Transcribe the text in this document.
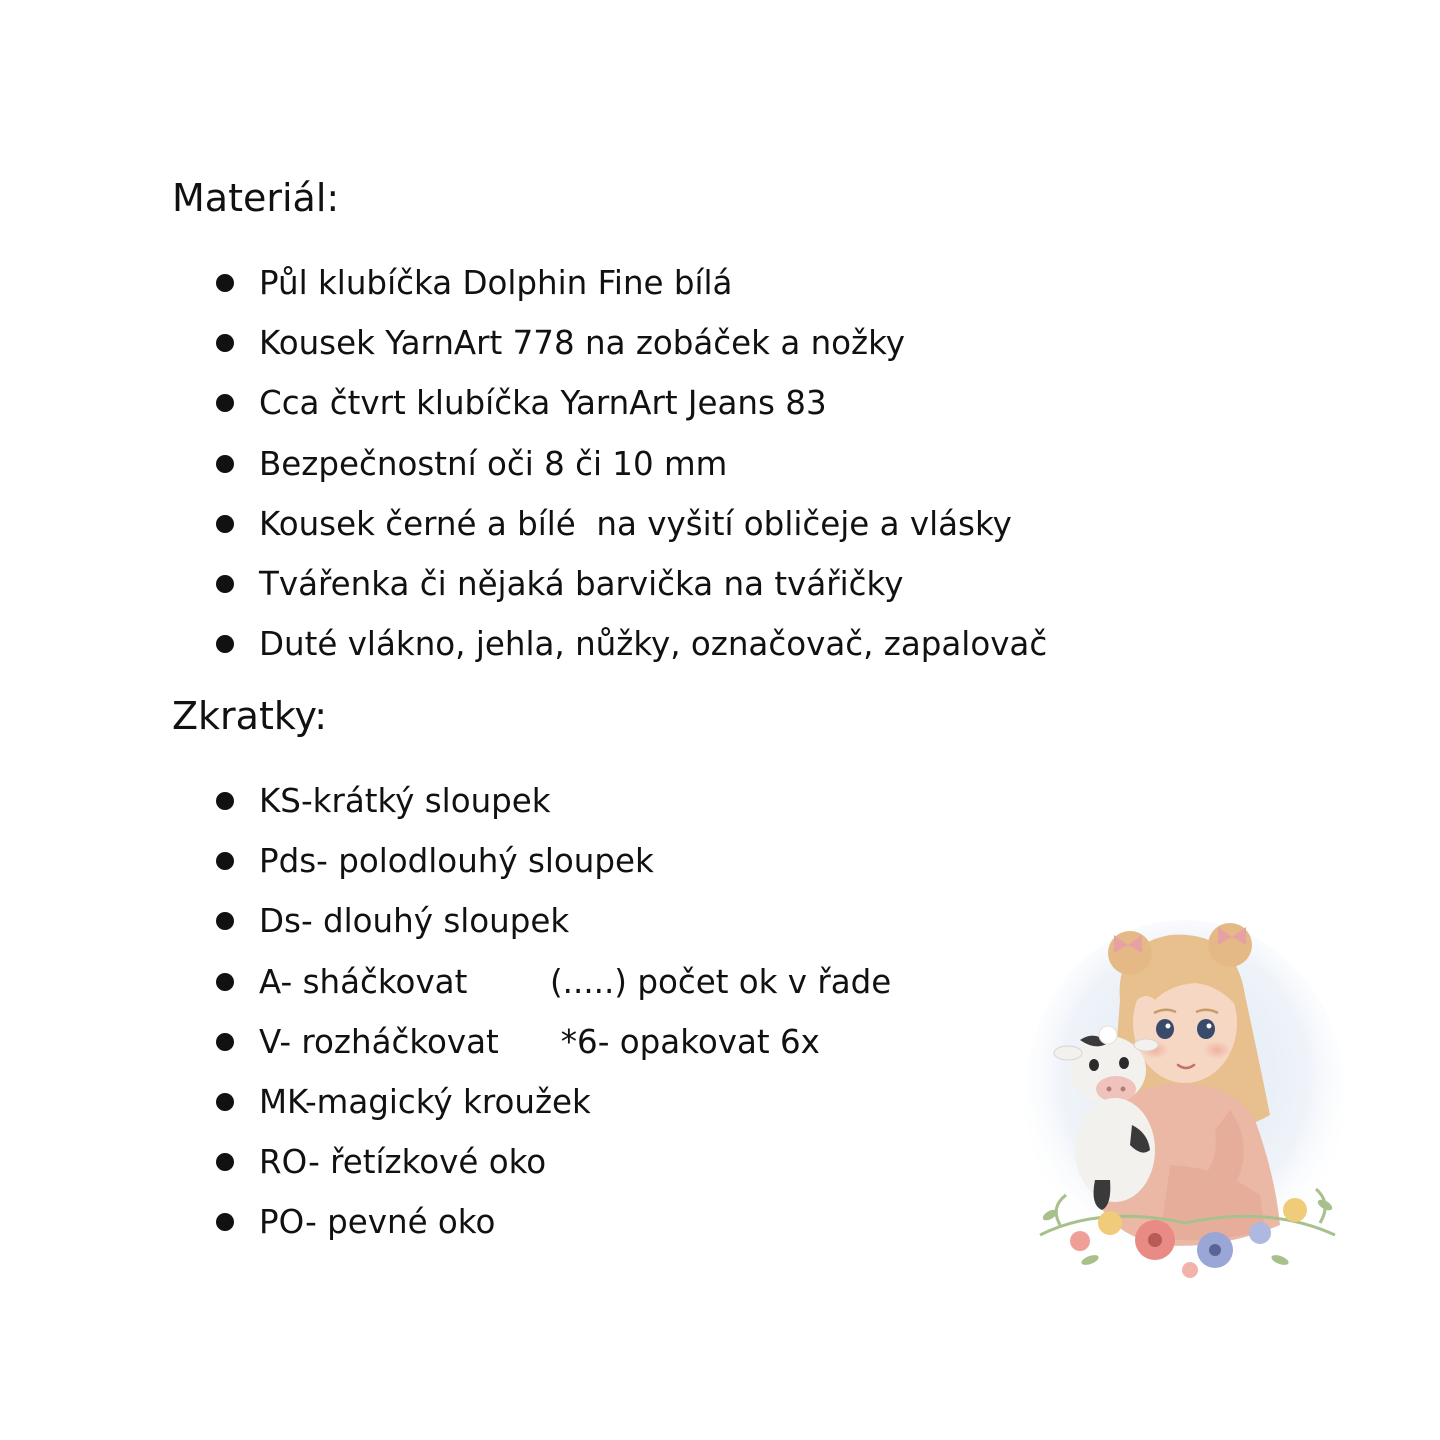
Materiál:
Půl klubíčka Dolphin Fine bílá
Kousek YarnArt 778 na zobáček a nožky
Cca čtvrt klubíčka YarnArt Jeans 83
Bezpečnostní oči 8 či 10 mm
Kousek černé a bílé  na vyšití obličeje a vlásky
Tvářenka či nějaká barvička na tvářičky
Duté vlákno, jehla, nůžky, označovač, zapalovač
Zkratky:
KS-krátký sloupek
Pds- polodlouhý sloupek
Ds- dlouhý sloupek
A- sháčkovat        (.....) počet ok v řade
V- rozháčkovat      *6- opakovat 6x
MK-magický kroužek
RO- řetízkové oko
PO- pevné oko
